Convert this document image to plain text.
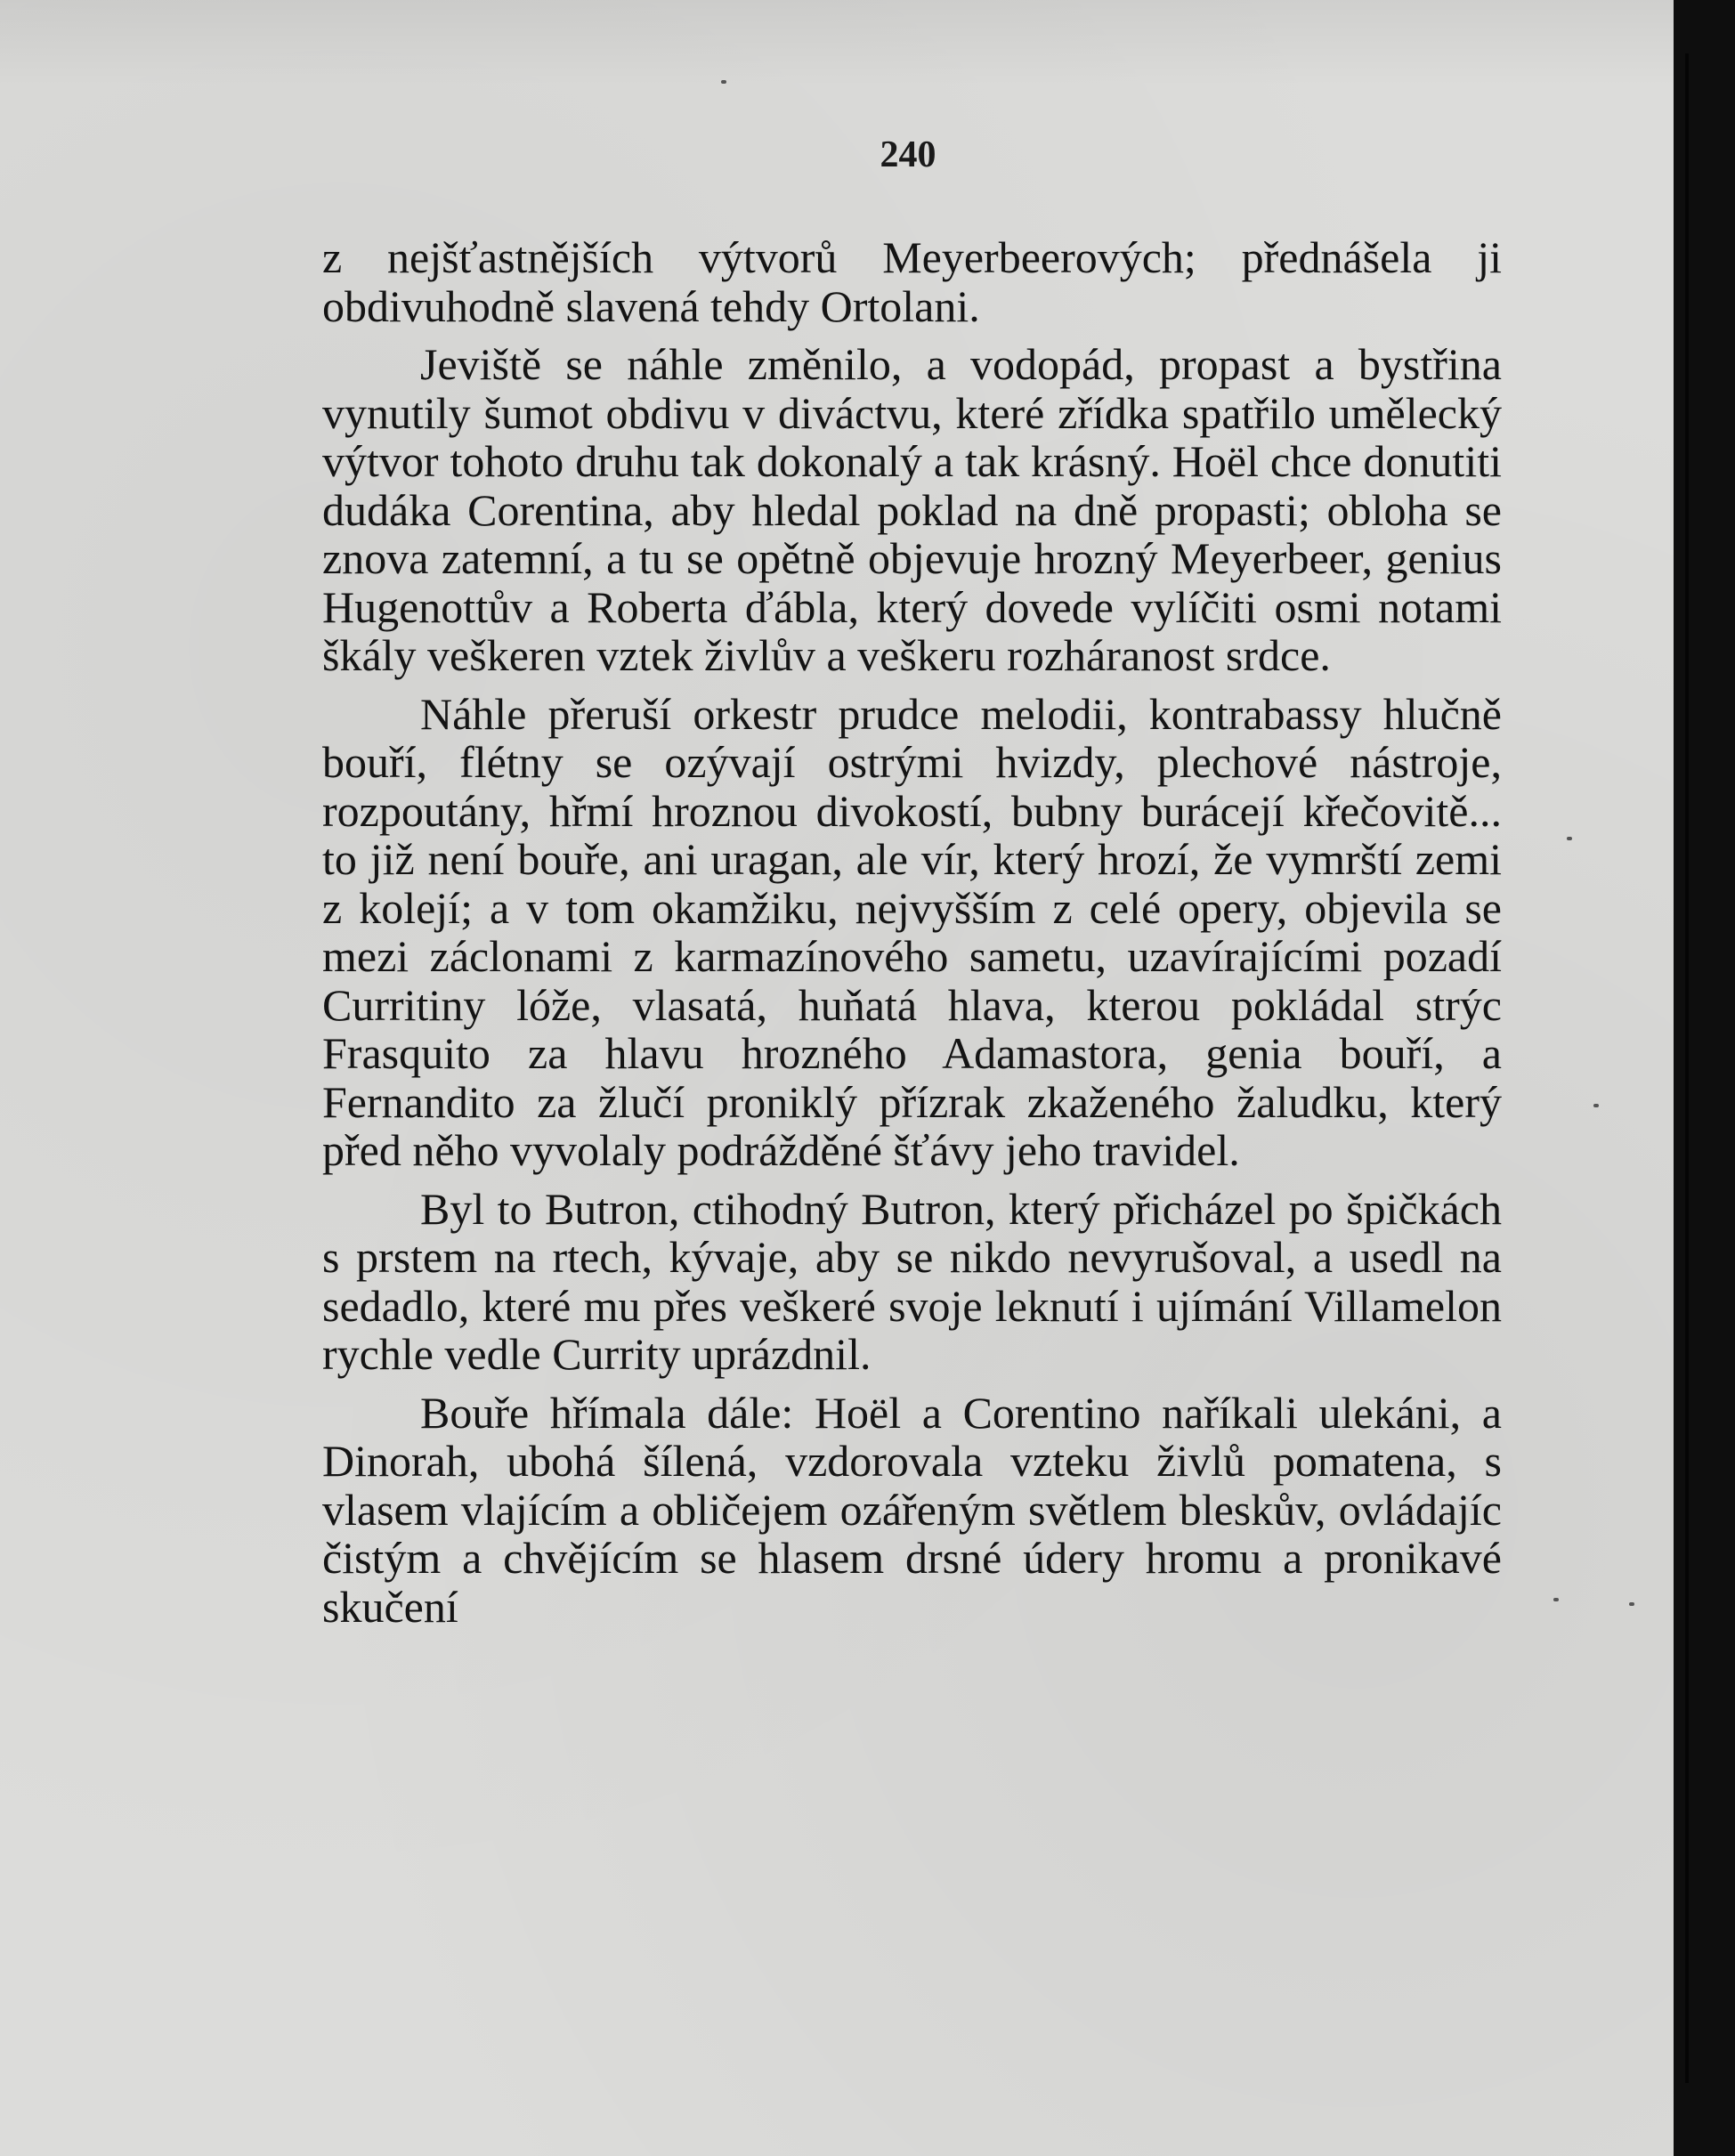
240

z nejšťastnějších výtvorů Meyerbeerových; přednášela ji obdivuhodně slavená tehdy Ortolani.

Jeviště se náhle změnilo, a vodopád, propast a bystřina vynutily šumot obdivu v diváctvu, které zřídka spatřilo umělecký výtvor tohoto druhu tak dokonalý a tak krásný. Hoël chce donutiti dudáka Corentina, aby hledal poklad na dně propasti; obloha se znova zatemní, a tu se opětně objevuje hrozný Meyerbeer, genius Hugenottův a Roberta ďábla, který dovede vylíčiti osmi notami škály veškeren vztek živlův a veškeru rozháranost srdce.

Náhle přeruší orkestr prudce melodii, kontrabassy hlučně bouří, flétny se ozývají ostrými hvizdy, plechové nástroje, rozpoutány, hřmí hroznou divokostí, bubny burácejí křečovitě... to již není bouře, ani uragan, ale vír, který hrozí, že vymrští zemi z kolejí; a v tom okamžiku, nejvyšším z celé opery, objevila se mezi záclonami z karmazínového sametu, uzavírajícími pozadí Curritiny lóže, vlasatá, huňatá hlava, kterou pokládal strýc Frasquito za hlavu hrozného Adamastora, genia bouří, a Fernandito za žlučí proniklý přízrak zkaženého žaludku, který před něho vyvolaly podrážděné šťávy jeho travidel.

Byl to Butron, ctihodný Butron, který přicházel po špičkách s prstem na rtech, kývaje, aby se nikdo nevyrušoval, a usedl na sedadlo, které mu přes veškeré svoje leknutí i ujímání Villamelon rychle vedle Currity uprázdnil.

Bouře hřímala dále: Hoël a Corentino naříkali ulekáni, a Dinorah, ubohá šílená, vzdorovala vzteku živlů pomatena, s vlasem vlajícím a obličejem ozářeným světlem bleskův, ovládajíc čistým a chvějícím se hlasem drsné údery hromu a pronikavé skučení
